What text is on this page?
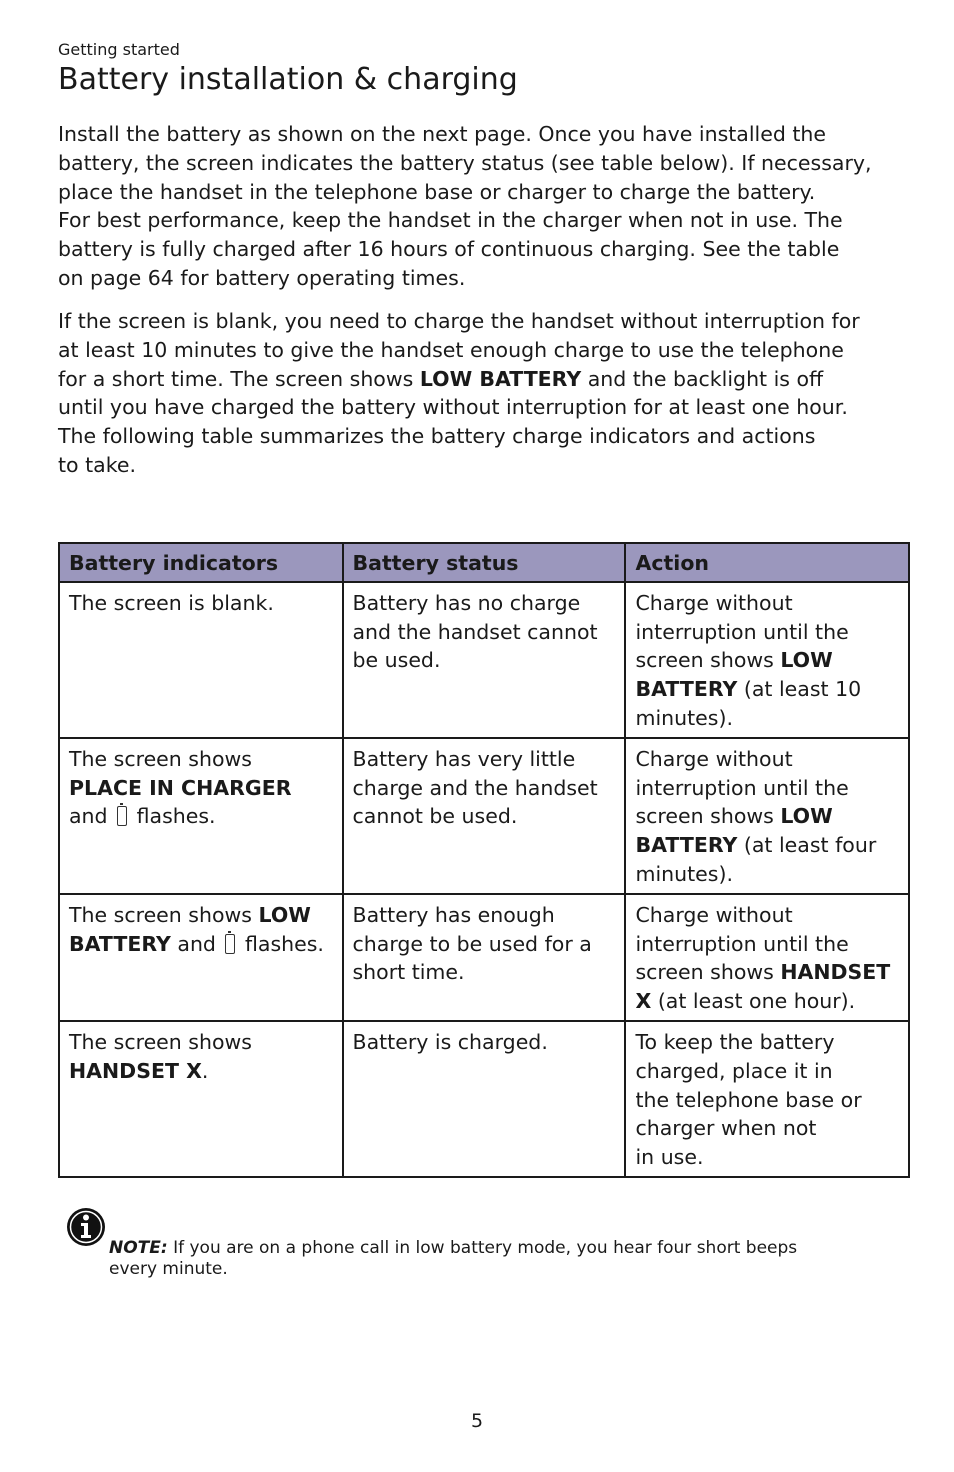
Getting started
Battery installation & charging

Install the battery as shown on the next page. Once you have installed the
battery, the screen indicates the battery status (see table below). If necessary,
place the handset in the telephone base or charger to charge the battery.
For best performance, keep the handset in the charger when not in use. The
battery is fully charged after 16 hours of continuous charging. See the table
on page 64 for battery operating times.

If the screen is blank, you need to charge the handset without interruption for
at least 10 minutes to give the handset enough charge to use the telephone
for a short time. The screen shows LOW BATTERY and the backlight is off
until you have charged the battery without interruption for at least one hour.
The following table summarizes the battery charge indicators and actions
to take.

Battery indicators	Battery status	Action

The screen is blank.	Battery has no charge
and the handset cannot
be used.	Charge without
interruption until the
screen shows LOW
BATTERY (at least 10
minutes).

The screen shows
PLACE IN CHARGER
and  flashes.	Battery has very little
charge and the handset
cannot be used.	Charge without
interruption until the
screen shows LOW
BATTERY (at least four
minutes).

The screen shows LOW
BATTERY and  flashes.	Battery has enough
charge to be used for a
short time.	Charge without
interruption until the
screen shows HANDSET
X (at least one hour).

The screen shows
HANDSET X.	Battery is charged.	To keep the battery
charged, place it in
the telephone base or
charger when not
in use.
NOTE: If you are on a phone call in low battery mode, you hear four short beeps
every minute.
5
